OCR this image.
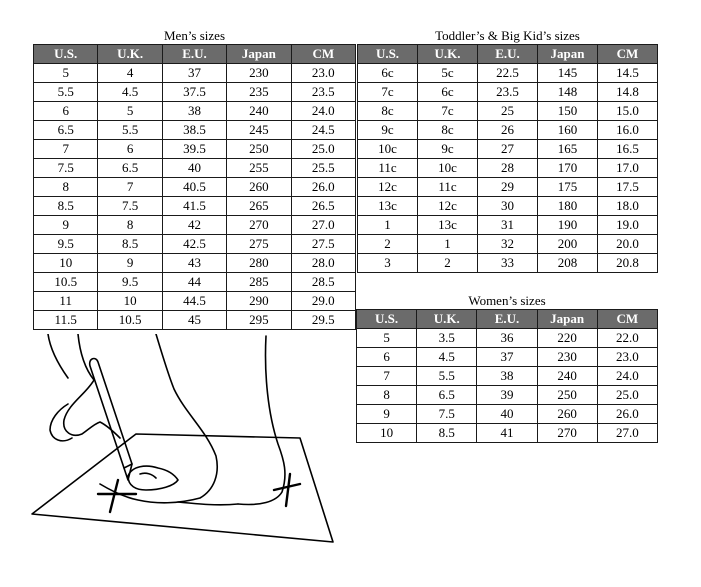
Men’s sizes
U.S.	U.K.	E.U.	Japan	CM
5	4	37	230	23.0
5.5	4.5	37.5	235	23.5
6	5	38	240	24.0
6.5	5.5	38.5	245	24.5
7	6	39.5	250	25.0
7.5	6.5	40	255	25.5
8	7	40.5	260	26.0
8.5	7.5	41.5	265	26.5
9	8	42	270	27.0
9.5	8.5	42.5	275	27.5
10	9	43	280	28.0
10.5	9.5	44	285	28.5
11	10	44.5	290	29.0
11.5	10.5	45	295	29.5
Toddler’s & Big Kid’s sizes
U.S.	U.K.	E.U.	Japan	CM
6c	5c	22.5	145	14.5
7c	6c	23.5	148	14.8
8c	7c	25	150	15.0
9c	8c	26	160	16.0
10c	9c	27	165	16.5
11c	10c	28	170	17.0
12c	11c	29	175	17.5
13c	12c	30	180	18.0
1	13c	31	190	19.0
2	1	32	200	20.0
3	2	33	208	20.8
Women’s sizes
U.S.	U.K.	E.U.	Japan	CM
5	3.5	36	220	22.0
6	4.5	37	230	23.0
7	5.5	38	240	24.0
8	6.5	39	250	25.0
9	7.5	40	260	26.0
10	8.5	41	270	27.0
